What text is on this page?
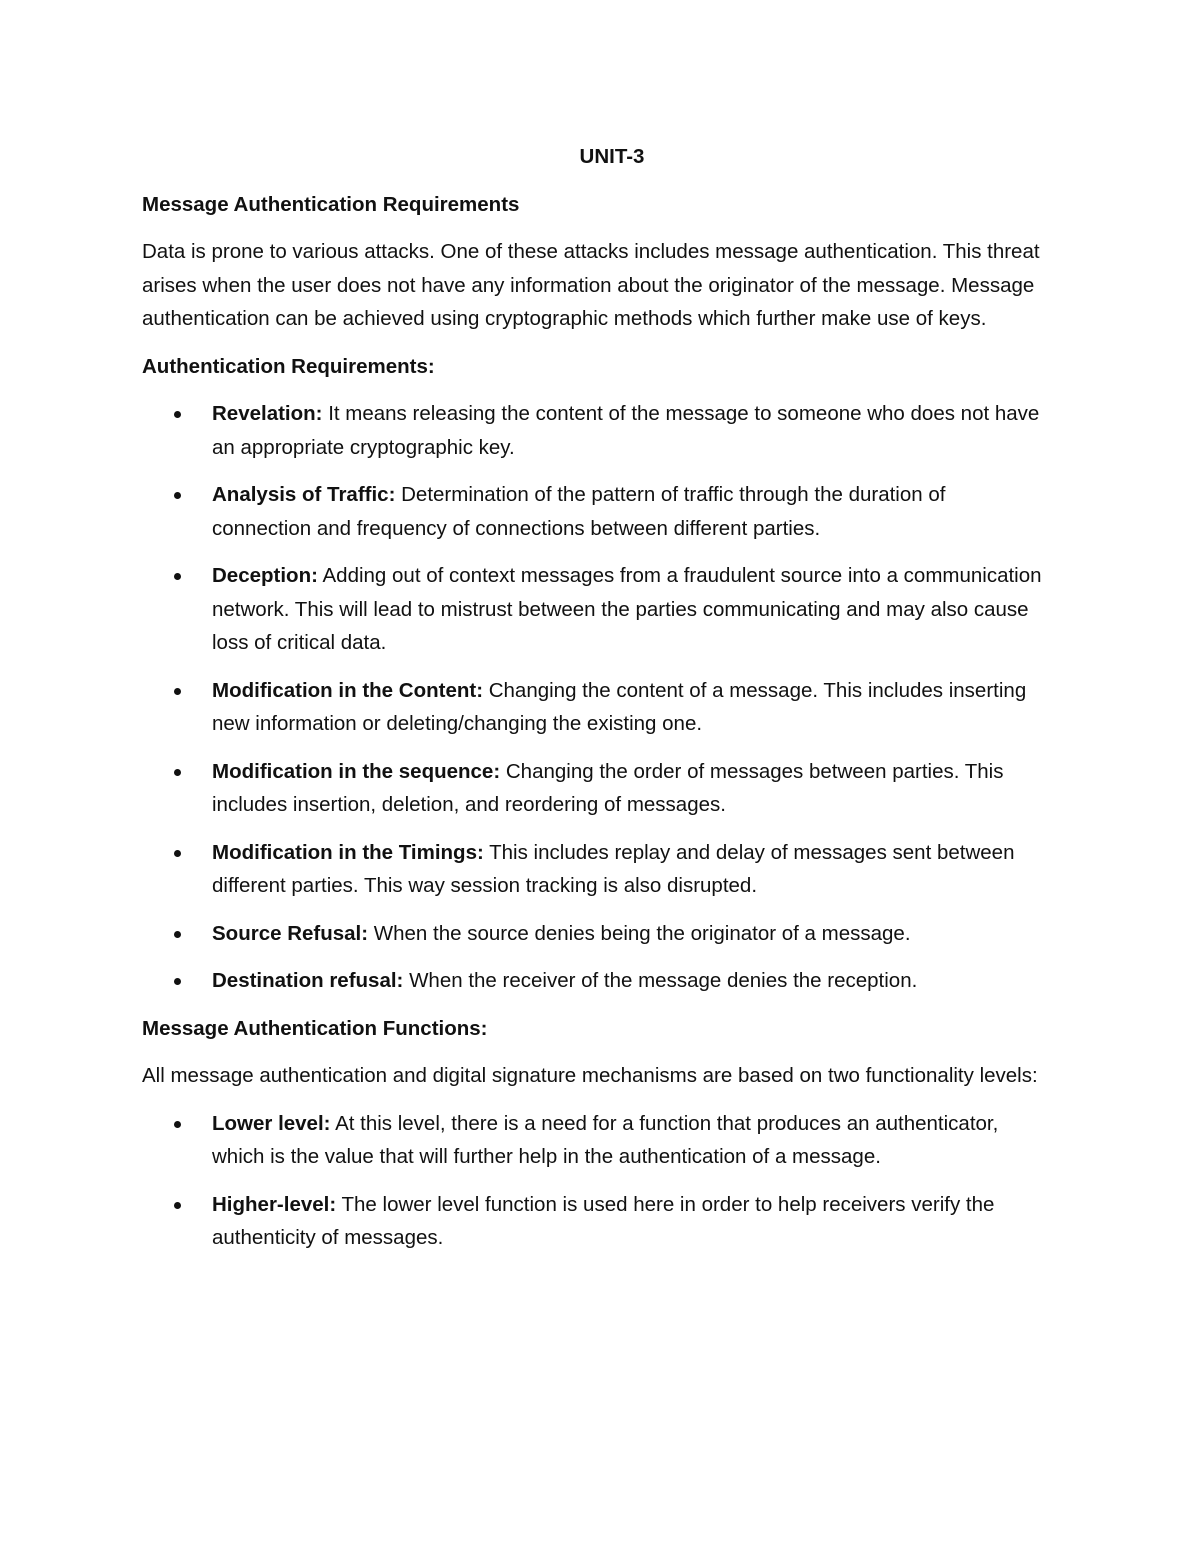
UNIT-3
Message Authentication Requirements
Data is prone to various attacks. One of these attacks includes message authentication. This threat arises when the user does not have any information about the originator of the message. Message authentication can be achieved using cryptographic methods which further make use of keys.
Authentication Requirements:
Revelation: It means releasing the content of the message to someone who does not have an appropriate cryptographic key.
Analysis of Traffic: Determination of the pattern of traffic through the duration of connection and frequency of connections between different parties.
Deception: Adding out of context messages from a fraudulent source into a communication network. This will lead to mistrust between the parties communicating and may also cause loss of critical data.
Modification in the Content: Changing the content of a message. This includes inserting new information or deleting/changing the existing one.
Modification in the sequence: Changing the order of messages between parties. This includes insertion, deletion, and reordering of messages.
Modification in the Timings: This includes replay and delay of messages sent between different parties. This way session tracking is also disrupted.
Source Refusal: When the source denies being the originator of a message.
Destination refusal: When the receiver of the message denies the reception.
Message Authentication Functions:
All message authentication and digital signature mechanisms are based on two functionality levels:
Lower level: At this level, there is a need for a function that produces an authenticator, which is the value that will further help in the authentication of a message.
Higher-level: The lower level function is used here in order to help receivers verify the authenticity of messages.
